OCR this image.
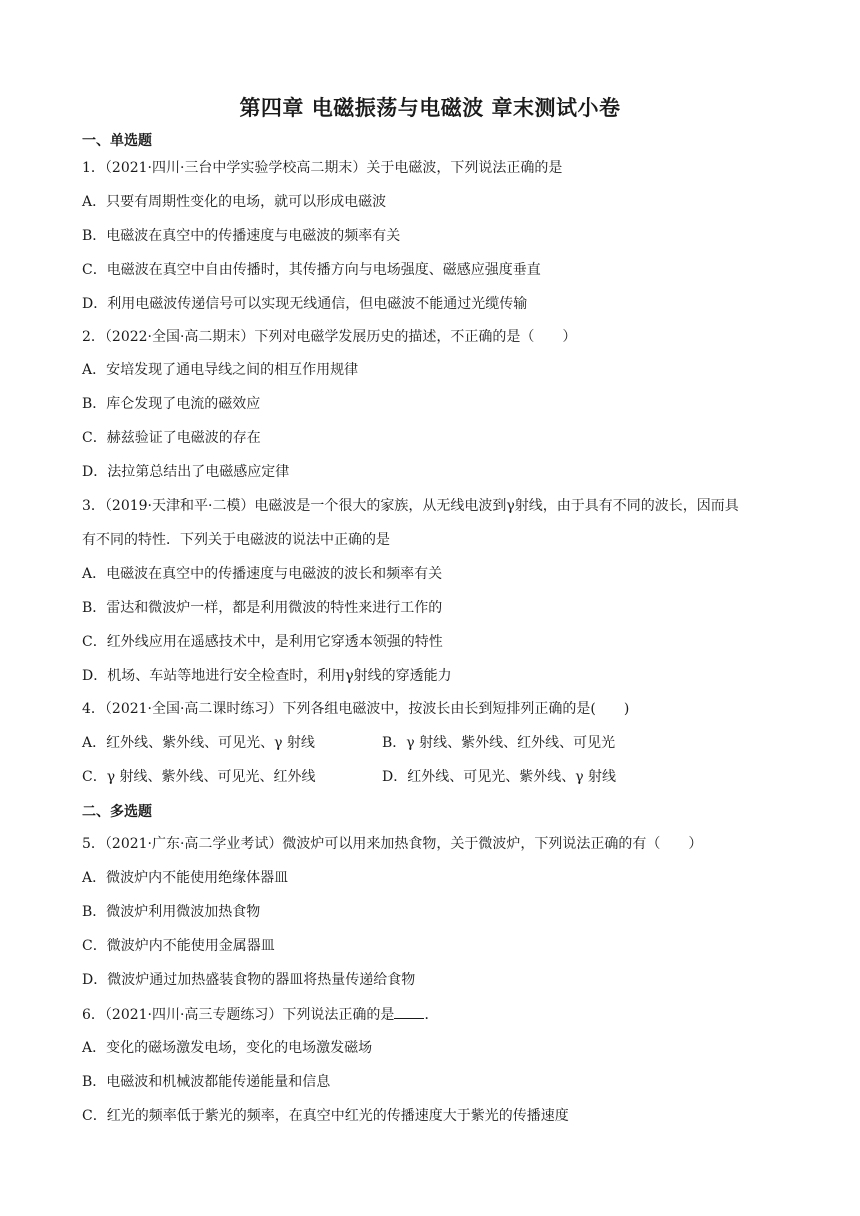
第四章 电磁振荡与电磁波 章末测试小卷
一、单选题
1．（2021·四川·三台中学实验学校高二期末）关于电磁波，下列说法正确的是
A．只要有周期性变化的电场，就可以形成电磁波
B．电磁波在真空中的传播速度与电磁波的频率有关
C．电磁波在真空中自由传播时，其传播方向与电场强度、磁感应强度垂直
D．利用电磁波传递信号可以实现无线通信，但电磁波不能通过光缆传输
2．（2022·全国·高二期末）下列对电磁学发展历史的描述，不正确的是（　　）
A．安培发现了通电导线之间的相互作用规律
B．库仑发现了电流的磁效应
C．赫兹验证了电磁波的存在
D．法拉第总结出了电磁感应定律
3．（2019·天津和平·二模）电磁波是一个很大的家族，从无线电波到γ射线，由于具有不同的波长，因而具
有不同的特性．下列关于电磁波的说法中正确的是
A．电磁波在真空中的传播速度与电磁波的波长和频率有关
B．雷达和微波炉一样，都是利用微波的特性来进行工作的
C．红外线应用在遥感技术中，是利用它穿透本领强的特性
D．机场、车站等地进行安全检查时，利用γ射线的穿透能力
4．（2021·全国·高二课时练习）下列各组电磁波中，按波长由长到短排列正确的是(　　)
A．红外线、紫外线、可见光、γ 射线	B．γ 射线、紫外线、红外线、可见光
C．γ 射线、紫外线、可见光、红外线	D．红外线、可见光、紫外线、γ 射线
二、多选题
5．（2021·广东·高二学业考试）微波炉可以用来加热食物，关于微波炉，下列说法正确的有（　　）
A．微波炉内不能使用绝缘体器皿
B．微波炉利用微波加热食物
C．微波炉内不能使用金属器皿
D．微波炉通过加热盛装食物的器皿将热量传递给食物
6．（2021·四川·高三专题练习）下列说法正确的是 ．
A．变化的磁场激发电场，变化的电场激发磁场
B．电磁波和机械波都能传递能量和信息
C．红光的频率低于紫光的频率，在真空中红光的传播速度大于紫光的传播速度
